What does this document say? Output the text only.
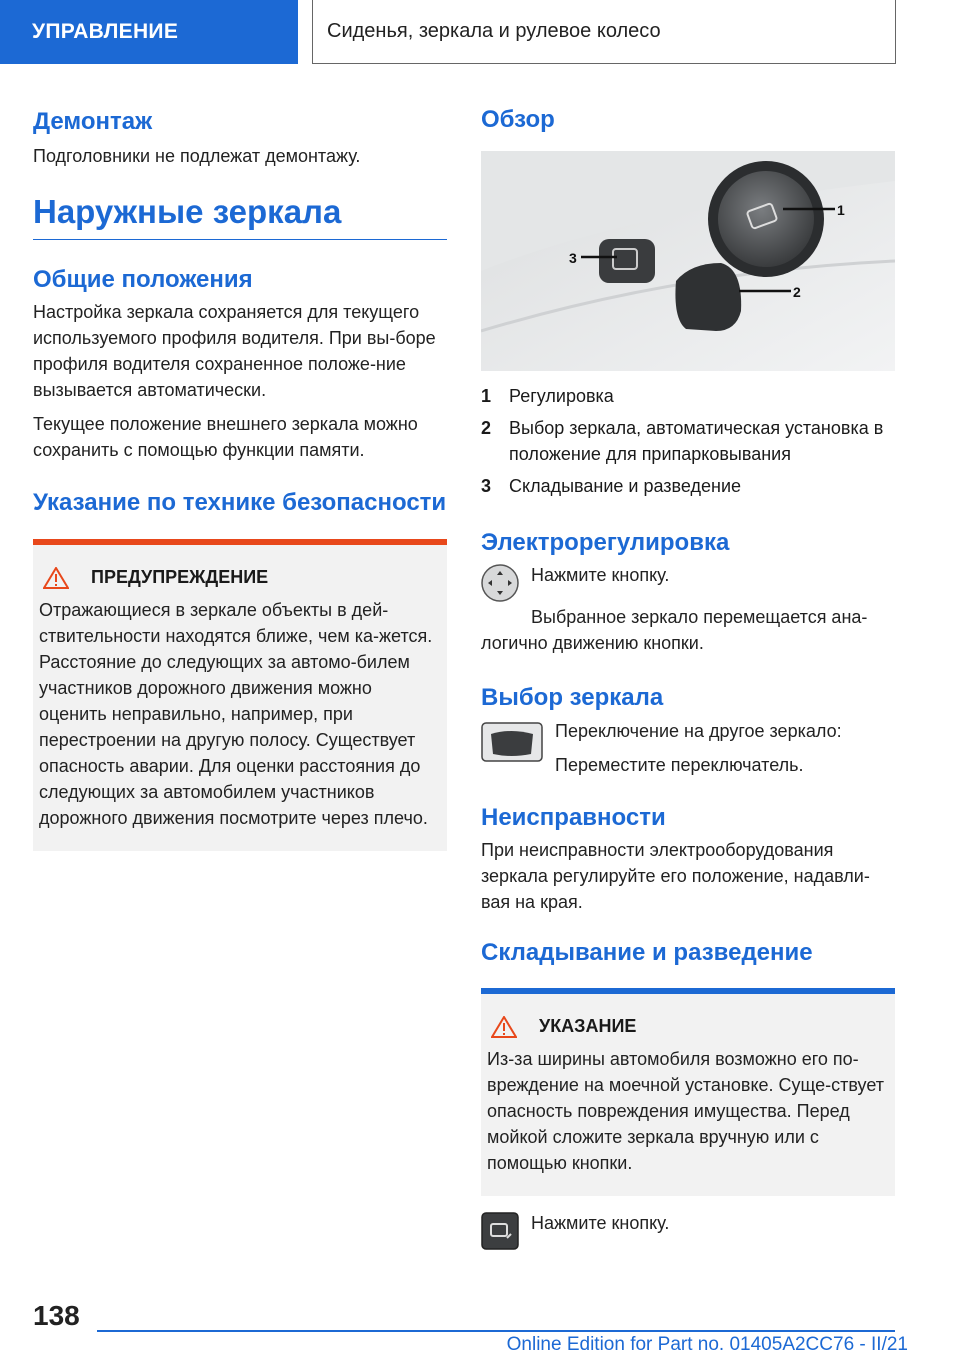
УПРАВЛЕНИЕ	Сиденья, зеркала и рулевое колесо
Демонтаж

Подголовники не подлежат демонтажу.

Наружные зеркала
Общие положения

Настройка зеркала сохраняется для текущего используемого профиля водителя. При вы-боре профиля водителя сохраненное положе-ние вызывается автоматически.

Текущее положение внешнего зеркала можно сохранить с помощью функции памяти.

Указание по технике безопасности
ПРЕДУПРЕЖДЕНИЕ

Отражающиеся в зеркале объекты в дей-ствительности находятся ближе, чем ка-жется. Расстояние до следующих за автомо-билем участников дорожного движения можно оценить неправильно, например, при перестроении на другую полосу. Существует опасность аварии. Для оценки расстояния до следующих за автомобилем участников дорожного движения посмотрите через плечо.

Обзор
1
2
3
1 Регулировка
2 Выбор зеркала, автоматическая установка в положение для припарковывания
3 Складывание и разведение
Электрорегулировка

Нажмите кнопку.

Выбранное зеркало перемещается ана-логично движению кнопки.

Выбор зеркала

Переключение на другое зеркало:

Переместите переключатель.

Неисправности

При неисправности электрооборудования зеркала регулируйте его положение, надавли-вая на края.

Складывание и разведение
УКАЗАНИЕ

Из-за ширины автомобиля возможно его по-вреждение на моечной установке. Суще-ствует опасность повреждения имущества. Перед мойкой сложите зеркала вручную или с помощью кнопки.

Нажмите кнопку.

138
Online Edition for Part no. 01405A2CC76 - II/21
